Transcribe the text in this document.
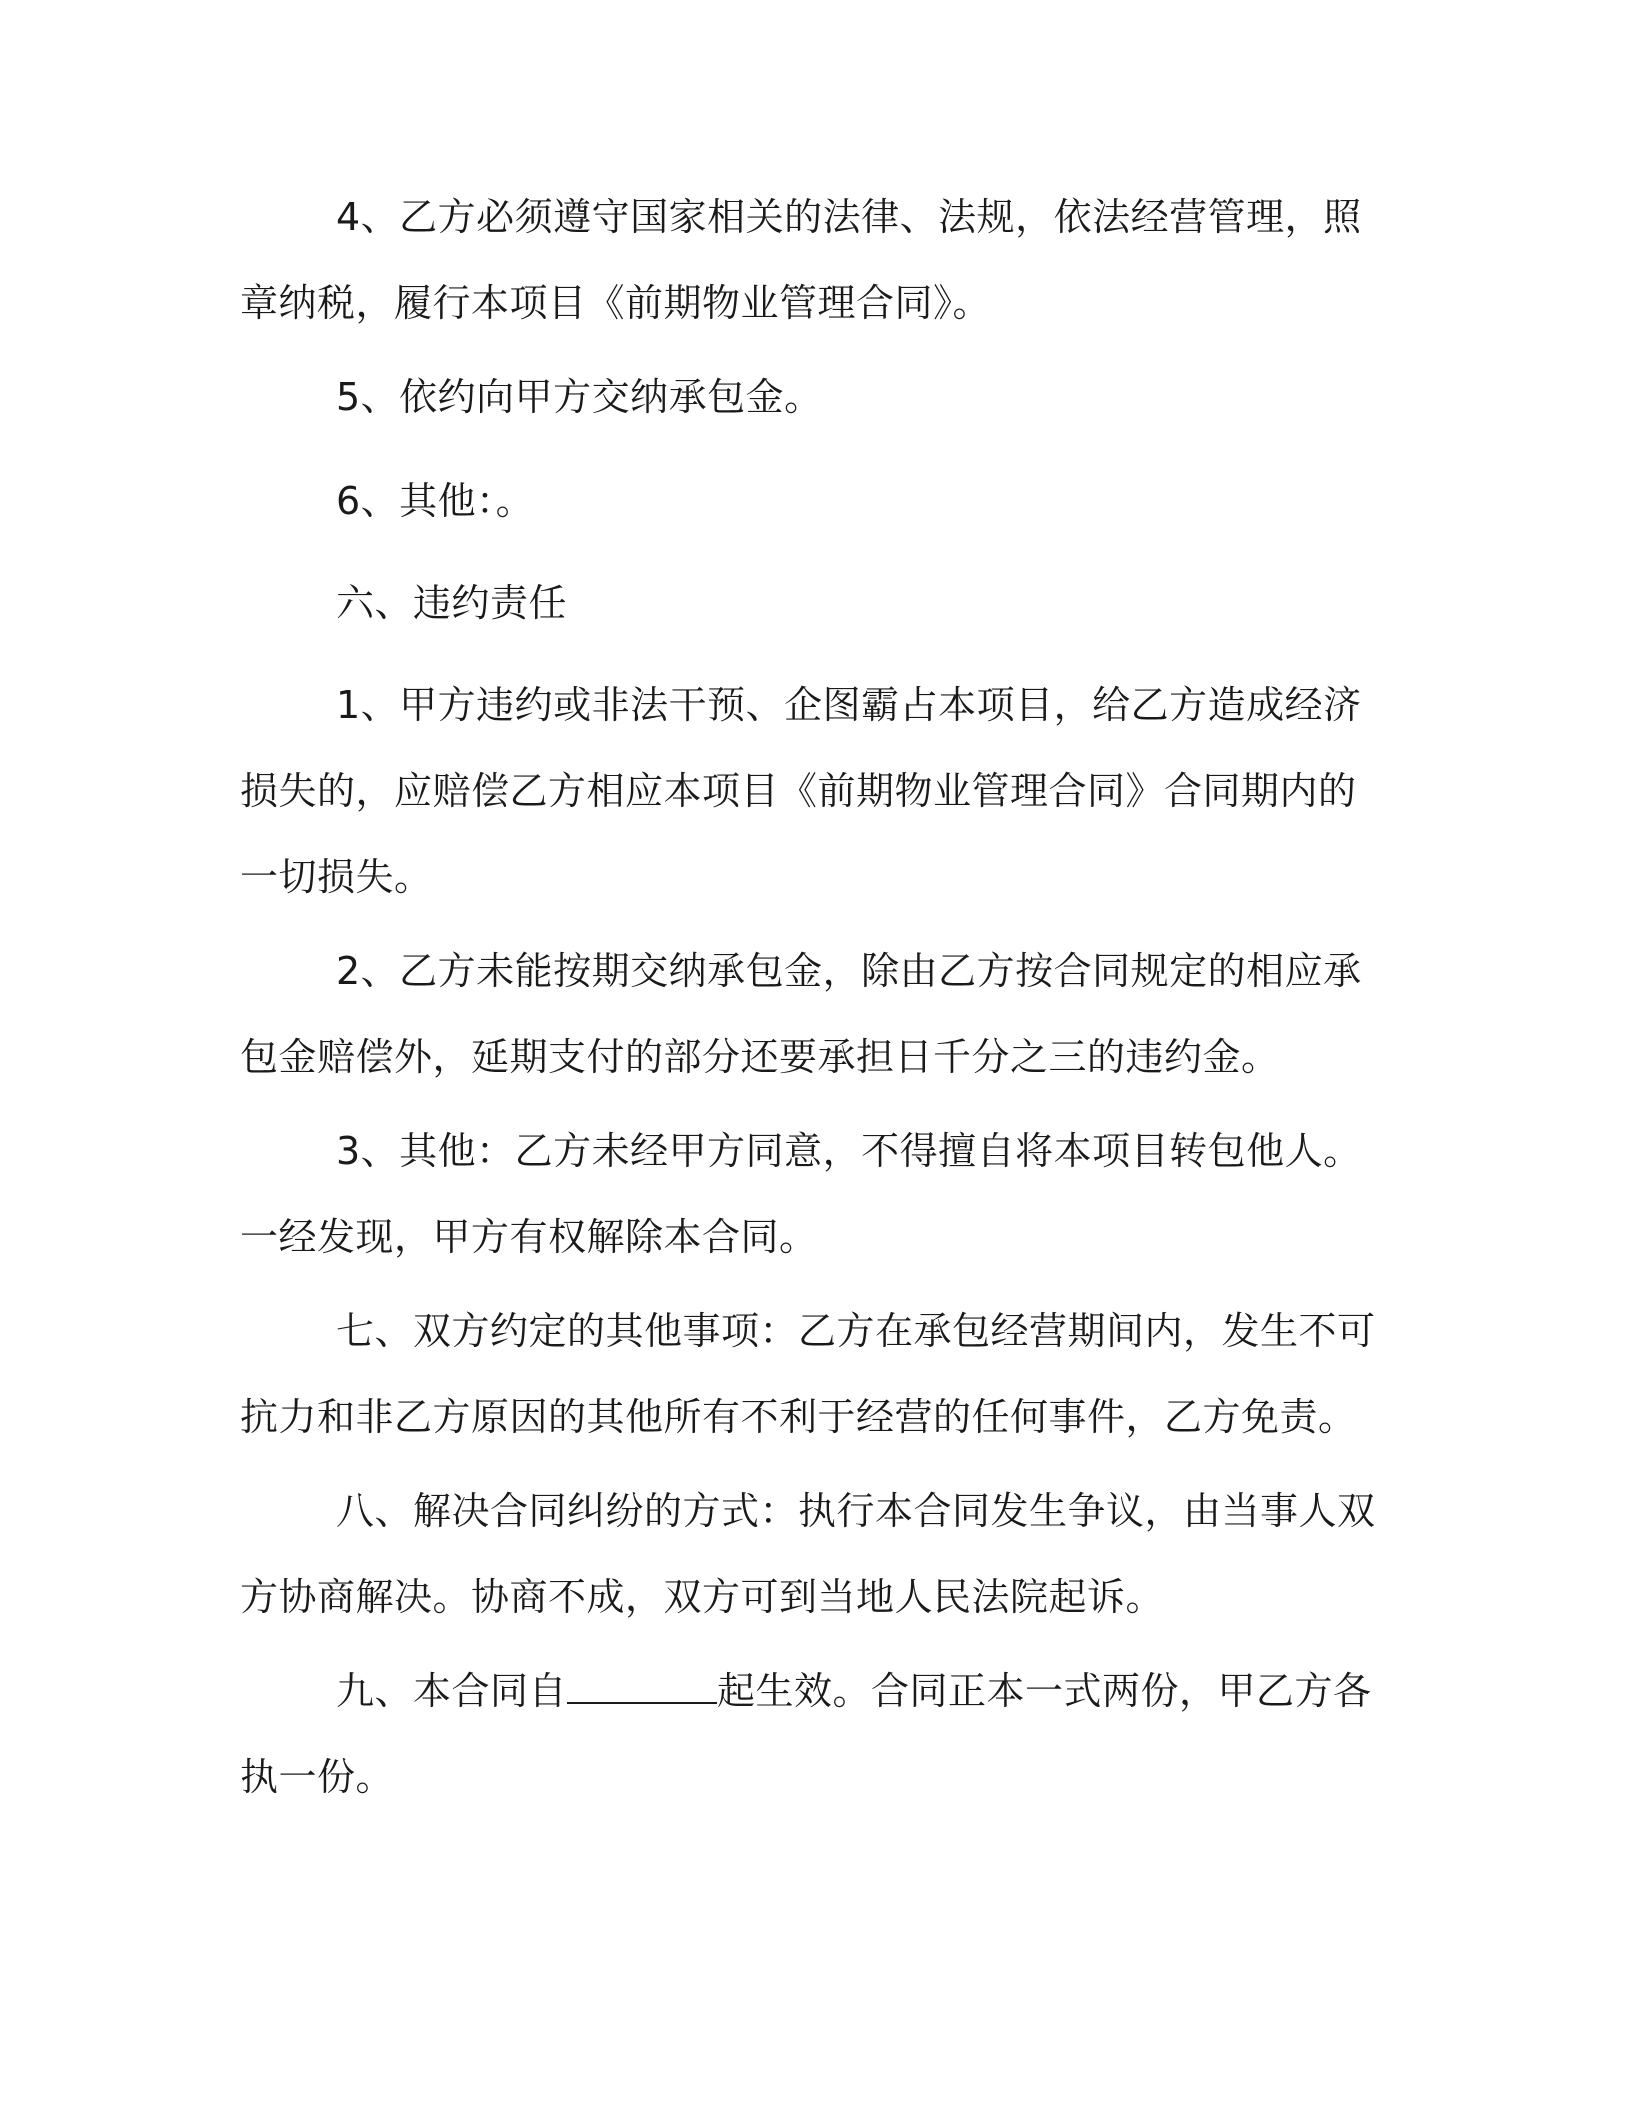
4、乙方必须遵守国家相关的法律、法规，依法经营管理，照章纳税，履行本项目《前期物业管理合同》。

5、依约向甲方交纳承包金。

6、其他：。

六、违约责任

1、甲方违约或非法干预、企图霸占本项目，给乙方造成经济损失的，应赔偿乙方相应本项目《前期物业管理合同》合同期内的一切损失。

2、乙方未能按期交纳承包金，除由乙方按合同规定的相应承包金赔偿外，延期支付的部分还要承担日千分之三的违约金。

3、其他：乙方未经甲方同意，不得擅自将本项目转包他人。一经发现，甲方有权解除本合同。

七、双方约定的其他事项：乙方在承包经营期间内，发生不可抗力和非乙方原因的其他所有不利于经营的任何事件，乙方免责。

八、解决合同纠纷的方式：执行本合同发生争议，由当事人双方协商解决。协商不成，双方可到当地人民法院起诉。

九、本合同自	起生效。合同正本一式两份，甲乙方各执一份。
